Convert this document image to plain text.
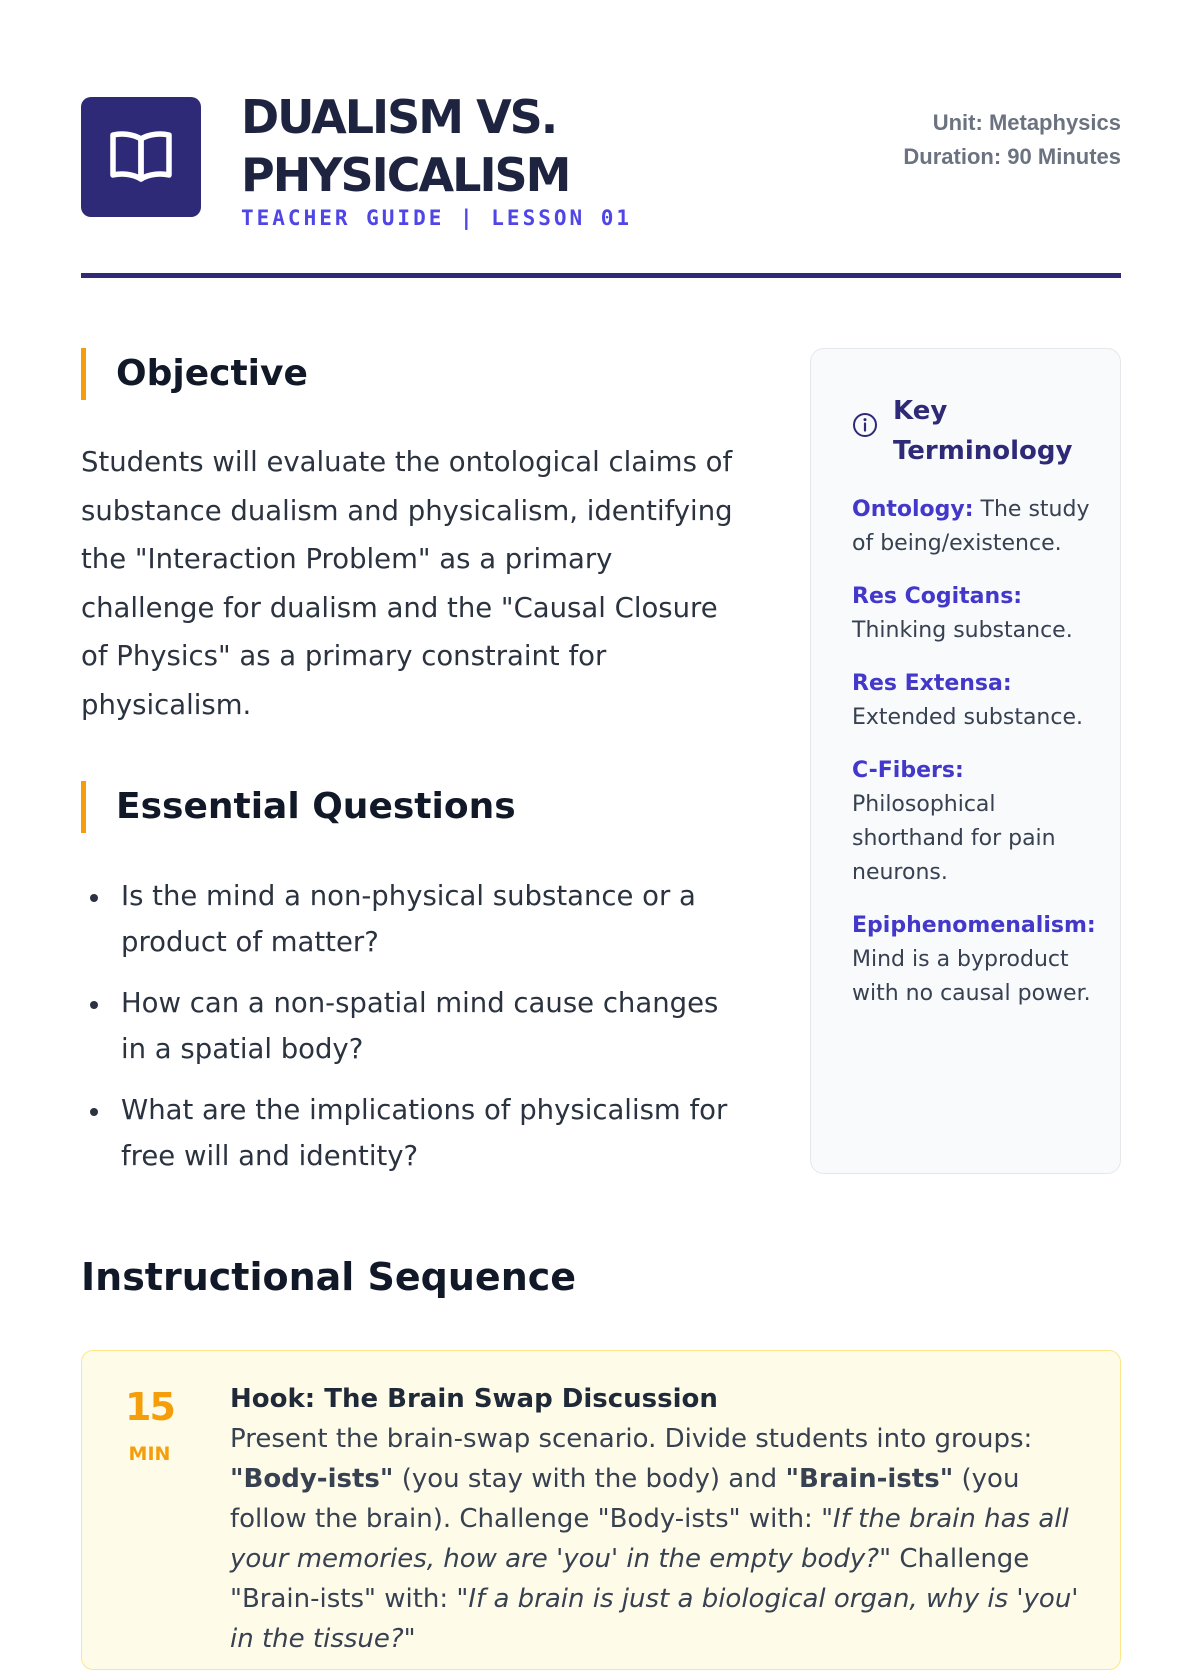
DUALISM VS. PHYSICALISM
TEACHER GUIDE | LESSON 01
Unit: Metaphysics
Duration: 90 Minutes
Objective

Students will evaluate the ontological claims of substance dualism and physicalism, identifying the "Interaction Problem" as a primary challenge for dualism and the "Causal Closure of Physics" as a primary constraint for physicalism.

Essential Questions
Is the mind a non-physical substance or a product of matter?
How can a non-spatial mind cause changes in a spatial body?
What are the implications of physicalism for free will and identity?
Key Terminology

Ontology: The study of being/existence.

Res Cogitans: Thinking substance.

Res Extensa: Extended substance.

C-Fibers: Philosophical shorthand for pain neurons.

Epiphenomenalism: Mind is a byproduct with no causal power.

Instructional Sequence
15
MIN
Hook: The Brain Swap Discussion

Present the brain-swap scenario. Divide students into groups: "Body-ists" (you stay with the body) and "Brain-ists" (you follow the brain). Challenge "Body-ists" with: "If the brain has all your memories, how are 'you' in the empty body?" Challenge "Brain-ists" with: "If a brain is just a biological organ, why is 'you' in the tissue?"
